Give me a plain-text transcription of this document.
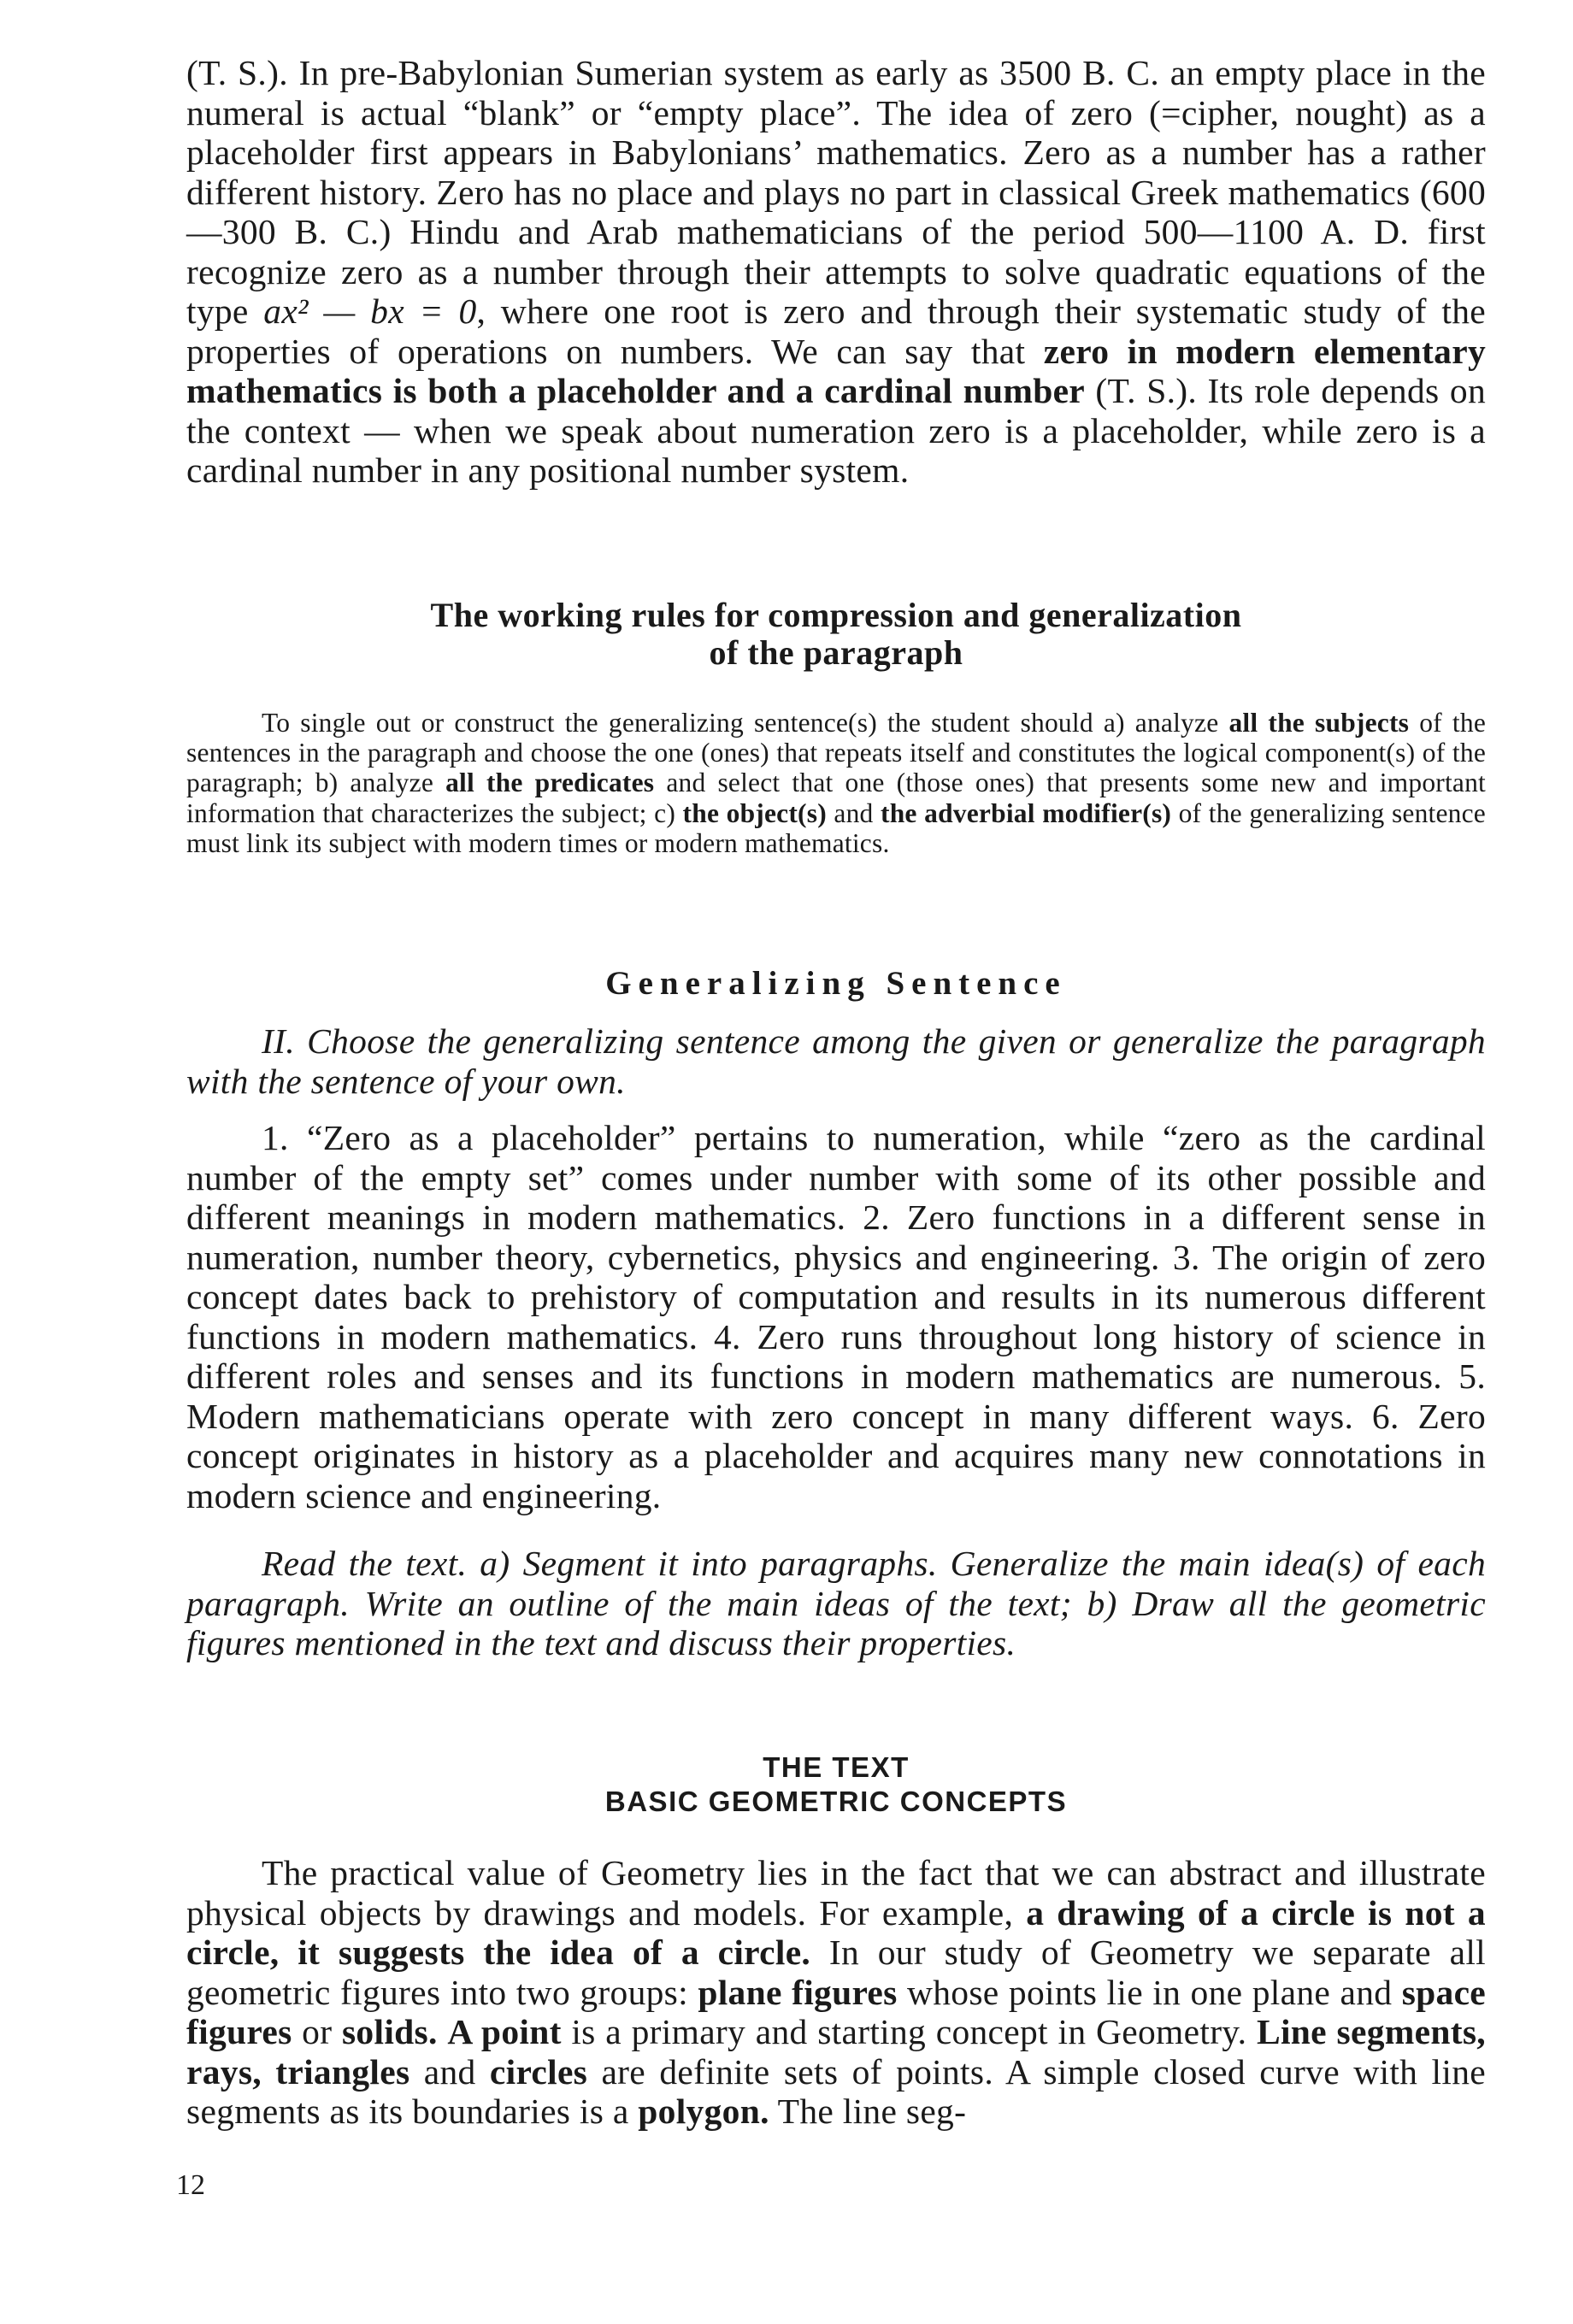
(T. S.). In pre-Babylonian Sumerian system as early as 3500 B. C. an empty place in the numeral is actual “blank” or “empty place”. The idea of zero (=cipher, nought) as a placeholder first appears in Babylonians’ mathematics. Zero as a number has a rather different history. Zero has no place and plays no part in classical Greek mathematics (600—300 B. C.) Hindu and Arab mathematicians of the period 500—1100 A. D. first recognize zero as a number through their attempts to solve quadratic equations of the type ax² — bx = 0, where one root is zero and through their systematic study of the properties of operations on numbers. We can say that zero in modern elementary mathematics is both a placeholder and a cardinal number (T. S.). Its role depends on the context — when we speak about numeration zero is a placeholder, while zero is a cardinal number in any positional number system.

The working rules for compression and generalization
of the paragraph

To single out or construct the generalizing sentence(s) the student should a) analyze all the subjects of the sentences in the paragraph and choose the one (ones) that repeats itself and constitutes the logical component(s) of the paragraph; b) analyze all the predicates and select that one (those ones) that presents some new and important information that characterizes the subject; c) the object(s) and the adverbial modifier(s) of the generalizing sentence must link its subject with modern times or modern mathematics.

Generalizing Sentence

II. Choose the generalizing sentence among the given or generalize the paragraph with the sentence of your own.

1. “Zero as a placeholder” pertains to numeration, while “zero as the cardinal number of the empty set” comes under number with some of its other possible and different meanings in modern mathematics. 2. Zero functions in a different sense in numeration, number theory, cybernetics, physics and engineering. 3. The origin of zero concept dates back to prehistory of computation and results in its numerous different functions in modern mathematics. 4. Zero runs throughout long history of science in different roles and senses and its functions in modern mathematics are numerous. 5. Modern mathematicians operate with zero concept in many different ways. 6. Zero concept originates in history as a placeholder and acquires many new connotations in modern science and engineering.

Read the text. a) Segment it into paragraphs. Generalize the main idea(s) of each paragraph. Write an outline of the main ideas of the text; b) Draw all the geometric figures mentioned in the text and discuss their properties.

THE TEXT
BASIC GEOMETRIC CONCEPTS

The practical value of Geometry lies in the fact that we can abstract and illustrate physical objects by drawings and models. For example, a drawing of a circle is not a circle, it suggests the idea of a circle. In our study of Geometry we separate all geometric figures into two groups: plane figures whose points lie in one plane and space figures or solids. A point is a primary and starting concept in Geometry. Line segments, rays, triangles and circles are definite sets of points. A simple closed curve with line segments as its boundaries is a polygon. The line seg-

12
